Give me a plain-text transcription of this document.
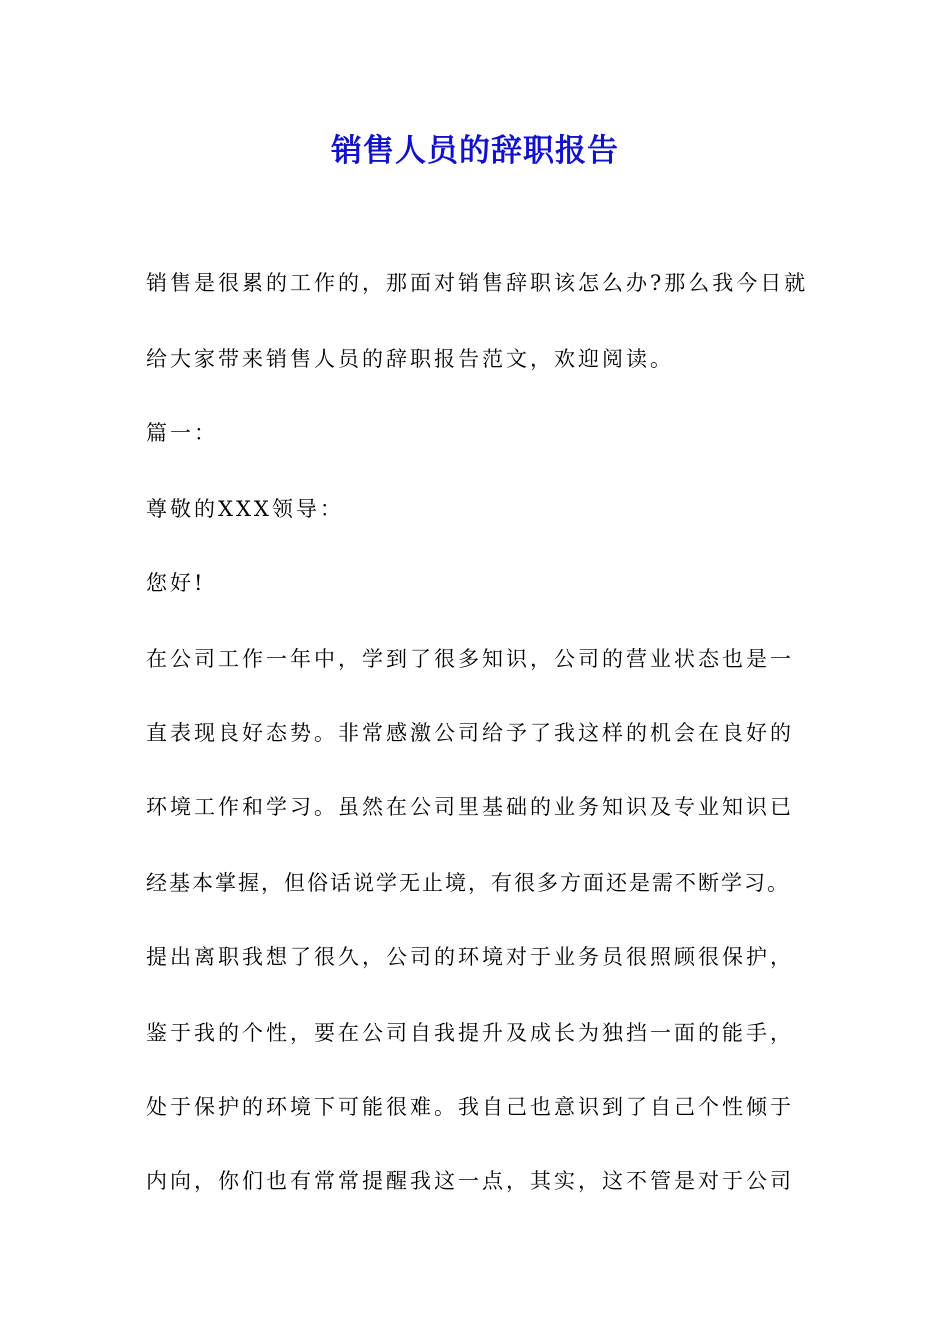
销售人员的辞职报告

销售是很累的工作的，那面对销售辞职该怎么办?那么我今日就

给大家带来销售人员的辞职报告范文，欢迎阅读。

篇一：

尊敬的XXX领导：

您好!

在公司工作一年中，学到了很多知识，公司的营业状态也是一

直表现良好态势。非常感激公司给予了我这样的机会在良好的

环境工作和学习。虽然在公司里基础的业务知识及专业知识已

经基本掌握，但俗话说学无止境，有很多方面还是需不断学习。

提出离职我想了很久，公司的环境对于业务员很照顾很保护，

鉴于我的个性，要在公司自我提升及成长为独挡一面的能手，

处于保护的环境下可能很难。我自己也意识到了自己个性倾于

内向，你们也有常常提醒我这一点，其实，这不管是对于公司
